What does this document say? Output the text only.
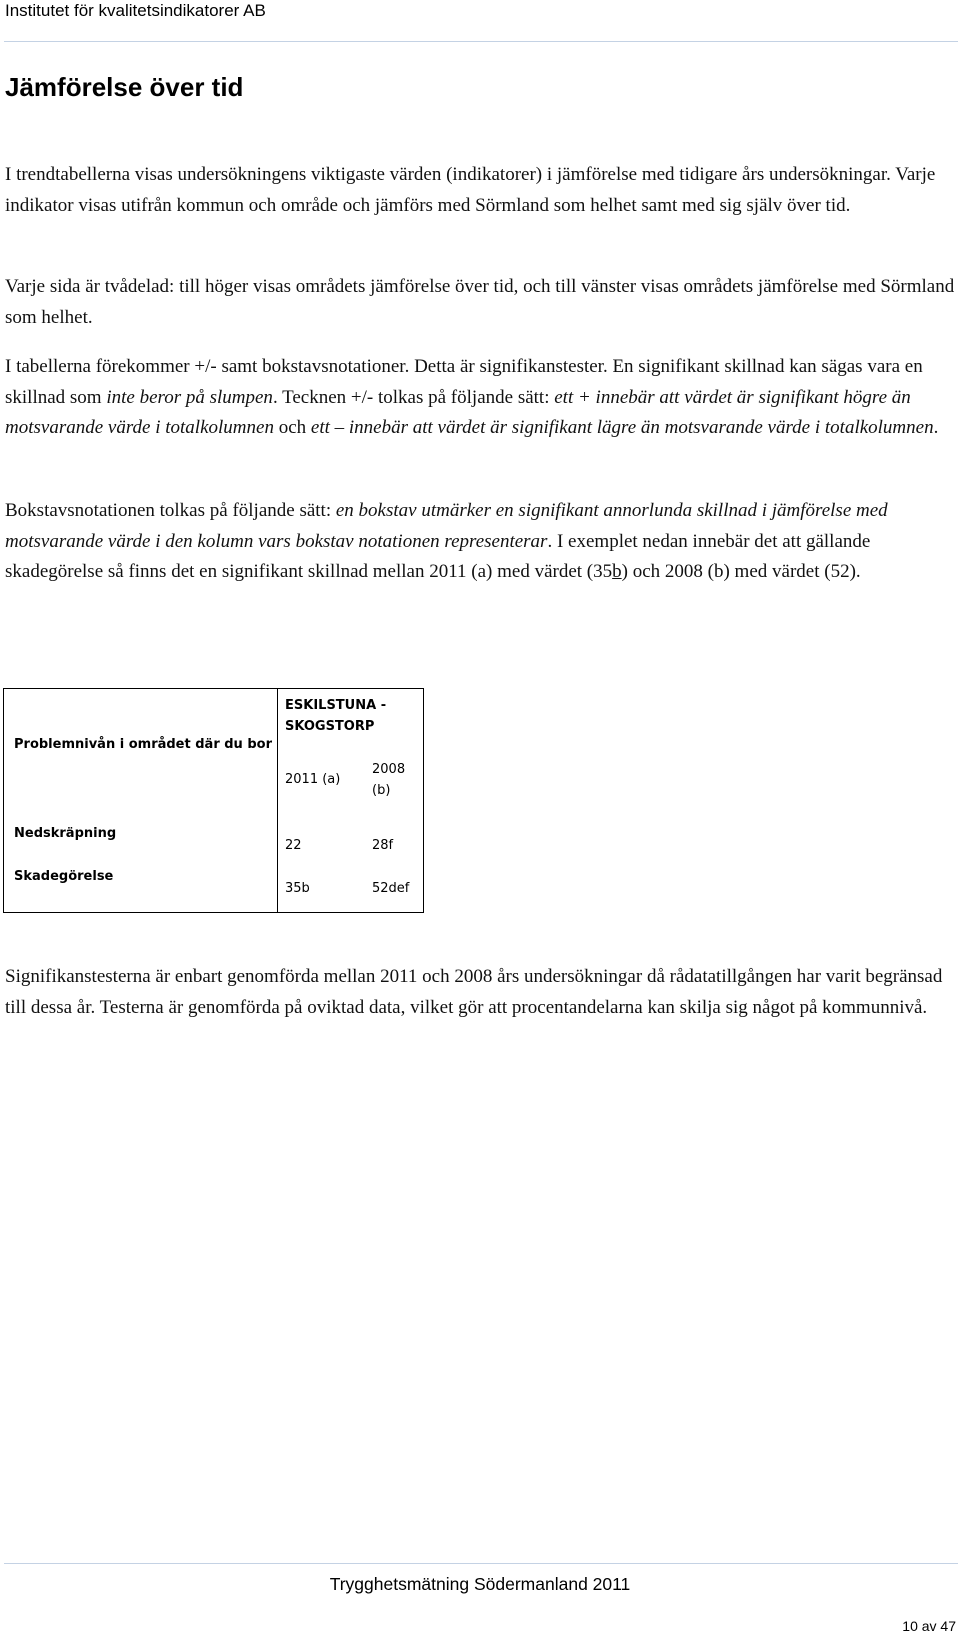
Institutet för kvalitetsindikatorer AB
Jämförelse över tid

I trendtabellerna visas undersökningens viktigaste värden (indikatorer) i jämförelse med tidigare års undersökningar. Varje indikator visas utifrån kommun och område och jämförs med Sörmland som helhet samt med sig själv över tid.

Varje sida är tvådelad: till höger visas områdets jämförelse över tid, och till vänster visas områdets jämförelse med Sörmland som helhet.

I tabellerna förekommer +/- samt bokstavsnotationer. Detta är signifikanstester. En signifikant skillnad kan sägas vara en skillnad som inte beror på slumpen. Tecknen +/- tolkas på följande sätt: ett + innebär att värdet är signifikant högre än motsvarande värde i totalkolumnen och ett – innebär att värdet är signifikant lägre än motsvarande värde i totalkolumnen.

Bokstavsnotationen tolkas på följande sätt: en bokstav utmärker en signifikant annorlunda skillnad i jämförelse med motsvarande värde i den kolumn vars bokstav notationen representerar. I exemplet nedan innebär det att gällande skadegörelse så finns det en signifikant skillnad mellan 2011 (a) med värdet (35b) och 2008 (b) med värdet (52).

Problemnivån i området där du bor
ESKILSTUNA - SKOGSTORP
2011 (a)
2008 (b)
Nedskräpning
22	28f
Skadegörelse
35b	52def

Signifikanstesterna är enbart genomförda mellan 2011 och 2008 års undersökningar då rådatatillgången har varit begränsad till dessa år. Testerna är genomförda på oviktad data, vilket gör att procentandelarna kan skilja sig något på kommunnivå.

Trygghetsmätning Södermanland 2011
10 av 47
